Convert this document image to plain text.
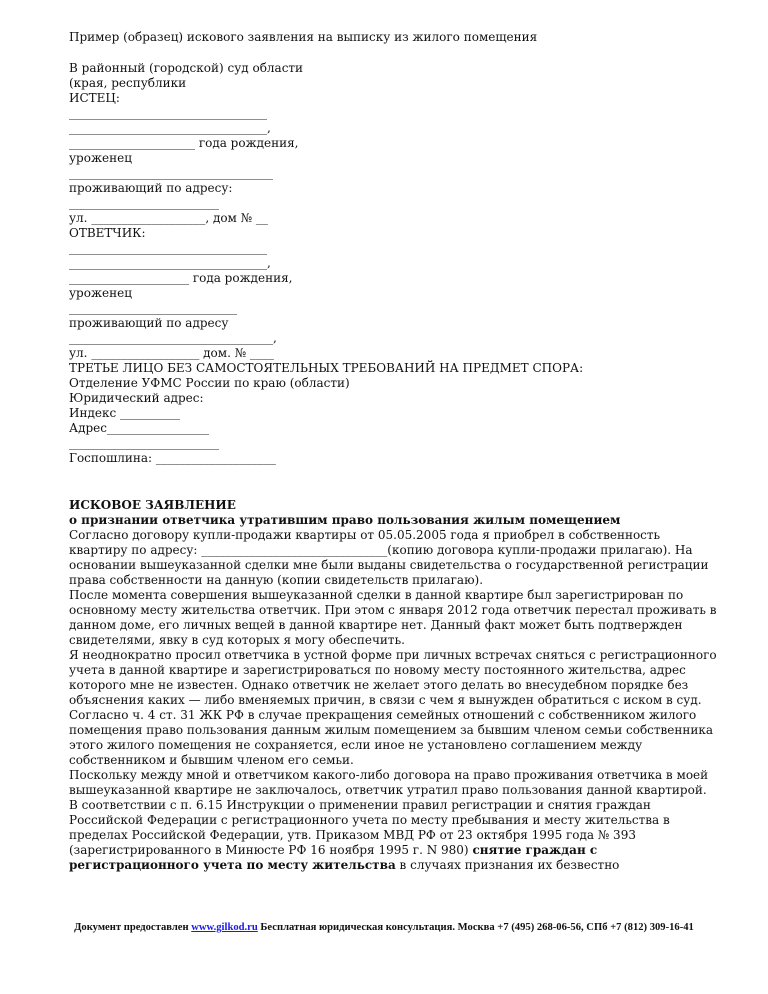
Пример (образец) искового заявления на выписку из жилого помещения
В районный (городской) суд области
(края, республики
ИСТЕЦ:
_________________________________
_________________________________,
_____________________ года рождения,
уроженец
__________________________________
проживающий по адресу:
_________________________
ул. ___________________, дом № __
ОТВЕТЧИК:
_________________________________
_________________________________,
____________________ года рождения,
уроженец
____________________________
проживающий по адресу
__________________________________,
ул. __________________ дом. № ____
ТРЕТЬЕ ЛИЦО БЕЗ САМОСТОЯТЕЛЬНЫХ ТРЕБОВАНИЙ НА ПРЕДМЕТ СПОРА:
Отделение УФМС России по краю (области)
Юридический адрес:
Индекс __________
Адрес_________________
_________________________
Госпошлина: ____________________
ИСКОВОЕ ЗАЯВЛЕНИЕ
о признании ответчика утратившим право пользования жилым помещением

Согласно договору купли-продажи квартиры от 05.05.2005 года я приобрел в собственность квартиру по адресу: _______________________________(копию договора купли-продажи прилагаю). На основании вышеуказанной сделки мне были выданы свидетельства о государственной регистрации права собственности на данную (копии свидетельств прилагаю).

После момента совершения вышеуказанной сделки в данной квартире был зарегистрирован по основному месту жительства ответчик. При этом с января 2012 года ответчик перестал проживать в данном доме, его личных вещей в данной квартире нет. Данный факт может быть подтвержден свидетелями, явку в суд которых я могу обеспечить.

Я неоднократно просил ответчика в устной форме при личных встречах сняться с регистрационного учета в данной квартире и зарегистрироваться по новому месту постоянного жительства, адрес которого мне не известен. Однако ответчик не желает этого делать во внесудебном порядке без объяснения каких — либо вменяемых причин, в связи с чем я вынужден обратиться с иском в суд.

Согласно ч. 4 ст. 31 ЖК РФ в случае прекращения семейных отношений с собственником жилого помещения право пользования данным жилым помещением за бывшим членом семьи собственника этого жилого помещения не сохраняется, если иное не установлено соглашением между собственником и бывшим членом его семьи.

Поскольку между мной и ответчиком какого-либо договора на право проживания ответчика в моей вышеуказанной квартире не заключалось, ответчик утратил право пользования данной квартирой.

В соответствии с п. 6.15 Инструкции о применении правил регистрации и снятия граждан Российской Федерации с регистрационного учета по месту пребывания и месту жительства в пределах Российской Федерации, утв. Приказом МВД РФ от 23 октября 1995 года № 393 (зарегистрированного в Минюсте РФ 16 ноября 1995 г. N 980) снятие граждан с регистрационного учета по месту жительства в случаях признания их безвестно

Документ предоставлен www.gilkod.ru Бесплатная юридическая консультация. Москва +7 (495) 268-06-56, СПб +7 (812) 309-16-41
